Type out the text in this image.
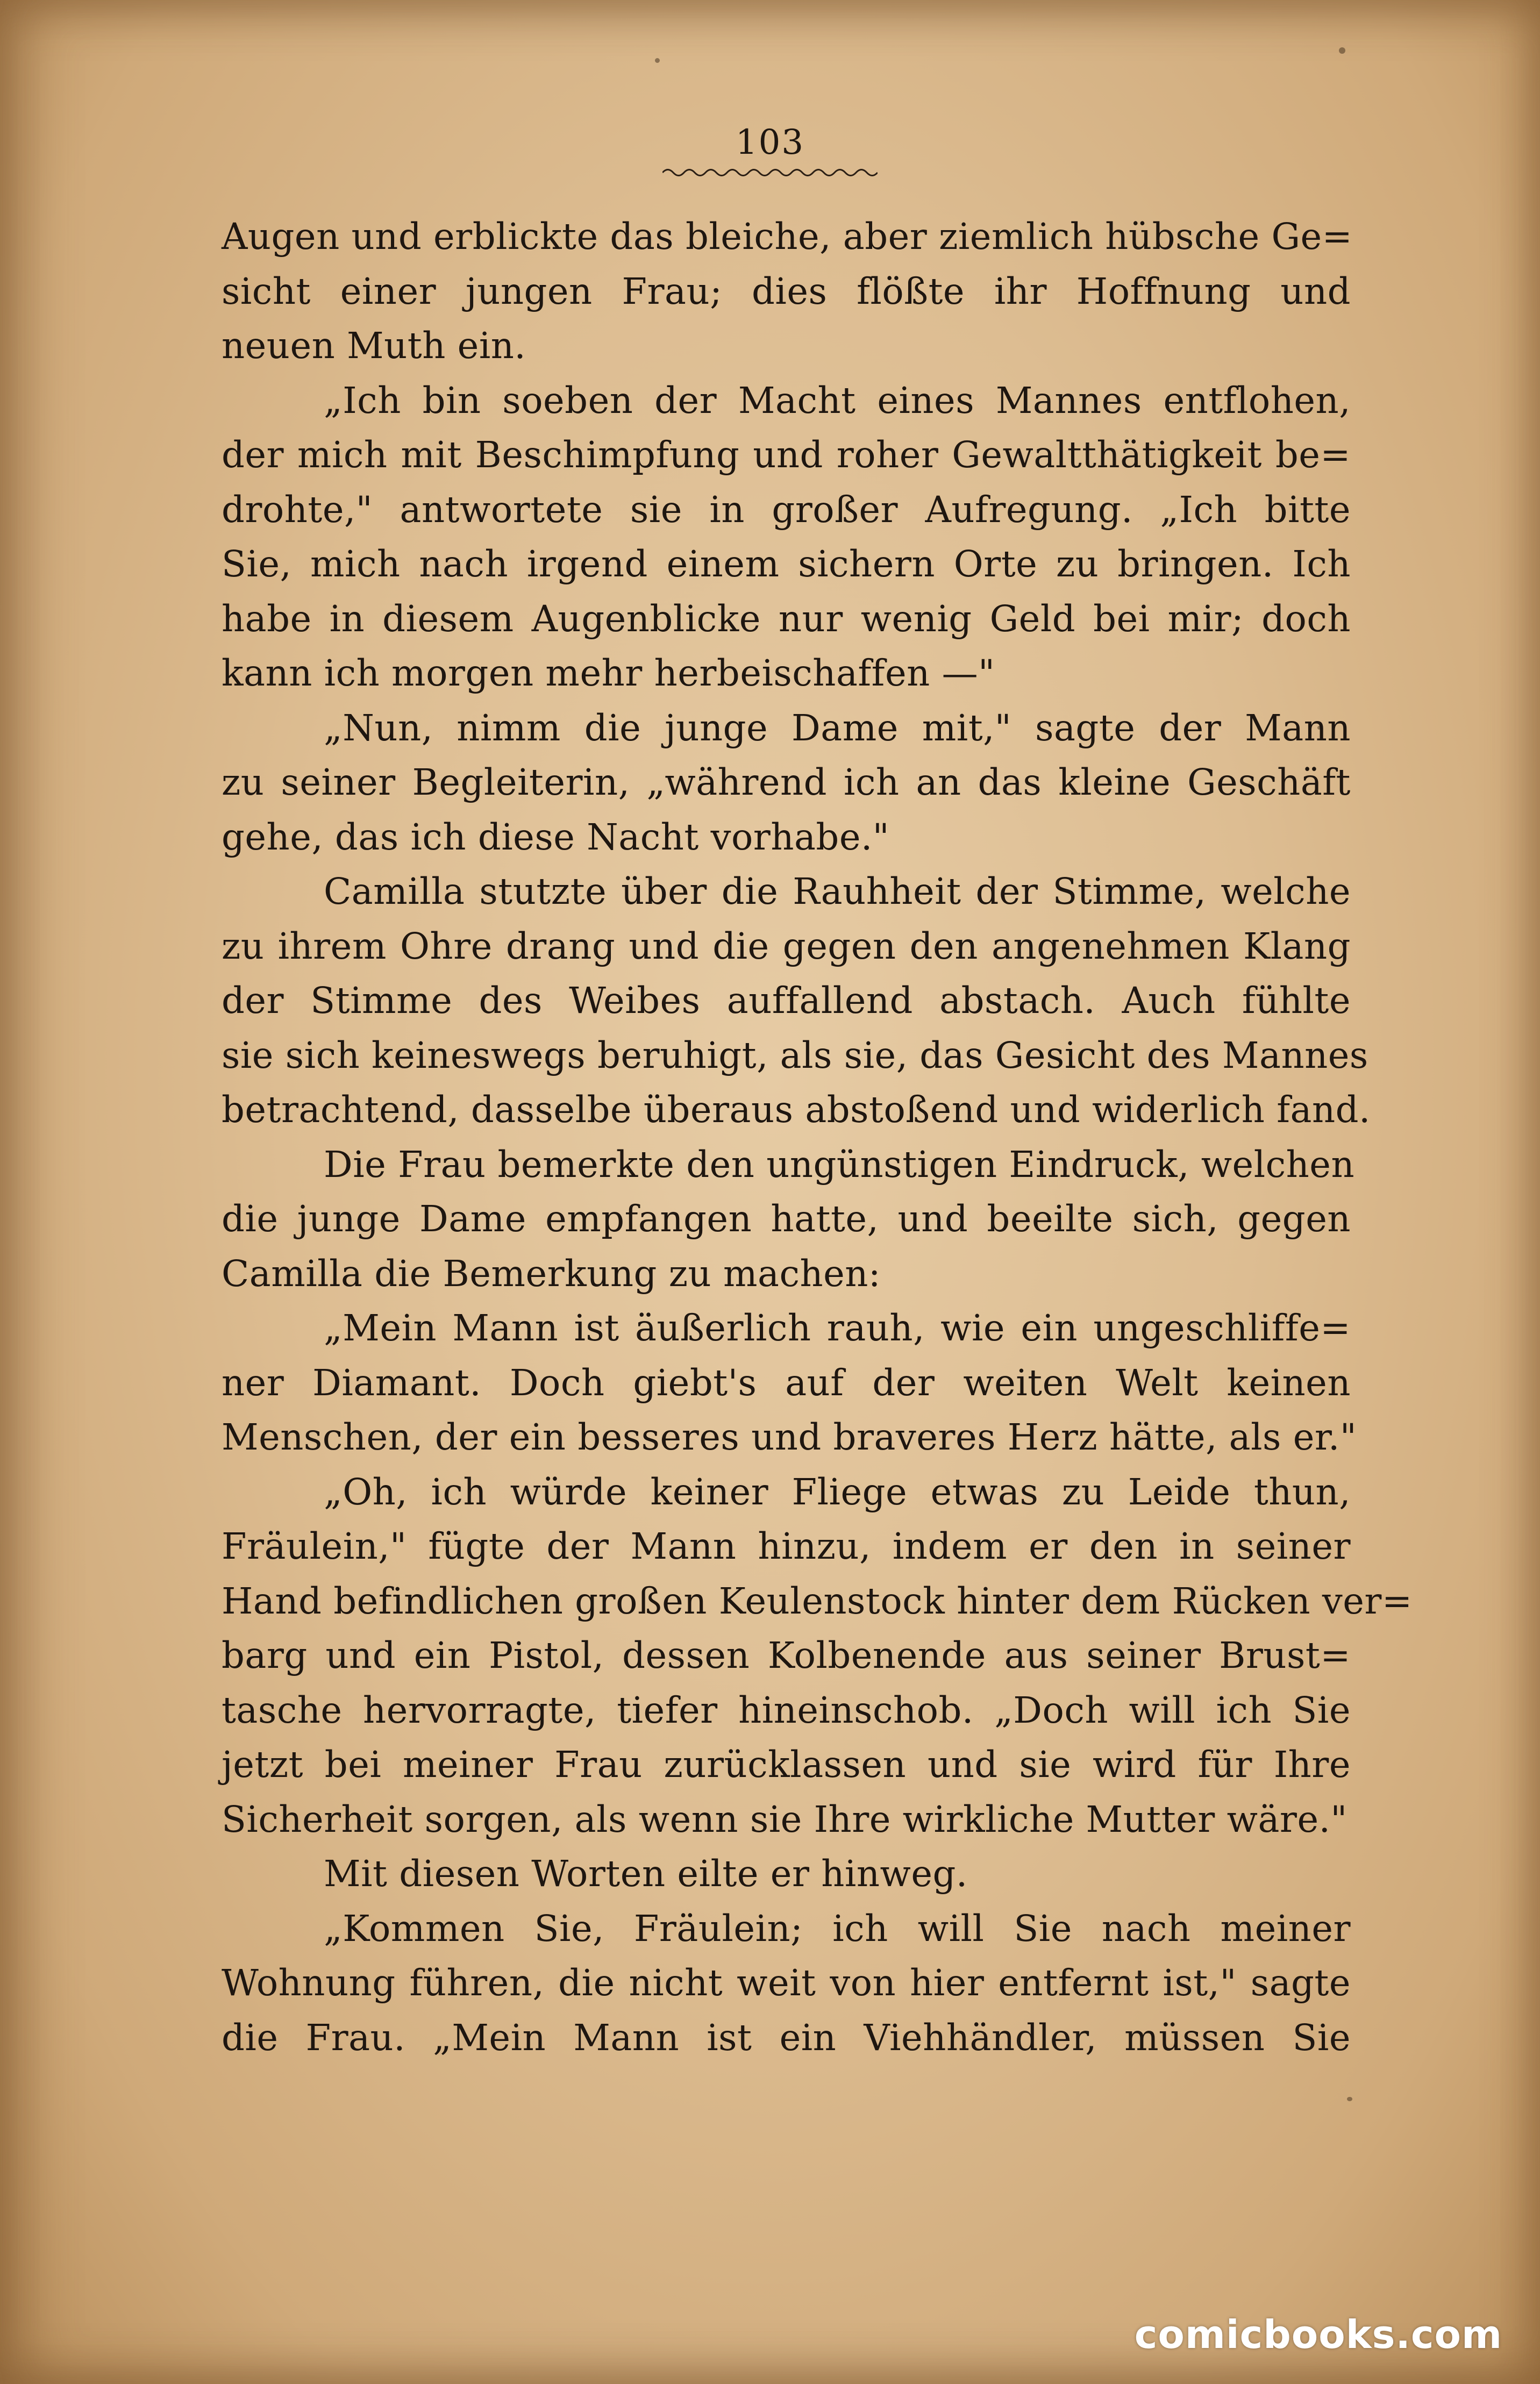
103
Augen und erblickte das bleiche, aber ziemlich hübsche Ge=
sicht einer jungen Frau; dies flößte ihr Hoffnung und
neuen Muth ein.
„Ich bin soeben der Macht eines Mannes entflohen,
der mich mit Beschimpfung und roher Gewaltthätigkeit be=
drohte," antwortete sie in großer Aufregung. „Ich bitte
Sie, mich nach irgend einem sichern Orte zu bringen. Ich
habe in diesem Augenblicke nur wenig Geld bei mir; doch
kann ich morgen mehr herbeischaffen —"
„Nun, nimm die junge Dame mit," sagte der Mann
zu seiner Begleiterin, „während ich an das kleine Geschäft
gehe, das ich diese Nacht vorhabe."
Camilla stutzte über die Rauhheit der Stimme, welche
zu ihrem Ohre drang und die gegen den angenehmen Klang
der Stimme des Weibes auffallend abstach. Auch fühlte
sie sich keineswegs beruhigt, als sie, das Gesicht des Mannes
betrachtend, dasselbe überaus abstoßend und widerlich fand.
Die Frau bemerkte den ungünstigen Eindruck, welchen
die junge Dame empfangen hatte, und beeilte sich, gegen
Camilla die Bemerkung zu machen:
„Mein Mann ist äußerlich rauh, wie ein ungeschliffe=
ner Diamant. Doch giebt's auf der weiten Welt keinen
Menschen, der ein besseres und braveres Herz hätte, als er."
„Oh, ich würde keiner Fliege etwas zu Leide thun,
Fräulein," fügte der Mann hinzu, indem er den in seiner
Hand befindlichen großen Keulenstock hinter dem Rücken ver=
barg und ein Pistol, dessen Kolbenende aus seiner Brust=
tasche hervorragte, tiefer hineinschob. „Doch will ich Sie
jetzt bei meiner Frau zurücklassen und sie wird für Ihre
Sicherheit sorgen, als wenn sie Ihre wirkliche Mutter wäre."
Mit diesen Worten eilte er hinweg.
„Kommen Sie, Fräulein; ich will Sie nach meiner
Wohnung führen, die nicht weit von hier entfernt ist," sagte
die Frau. „Mein Mann ist ein Viehhändler, müssen Sie
comicbooks.com
